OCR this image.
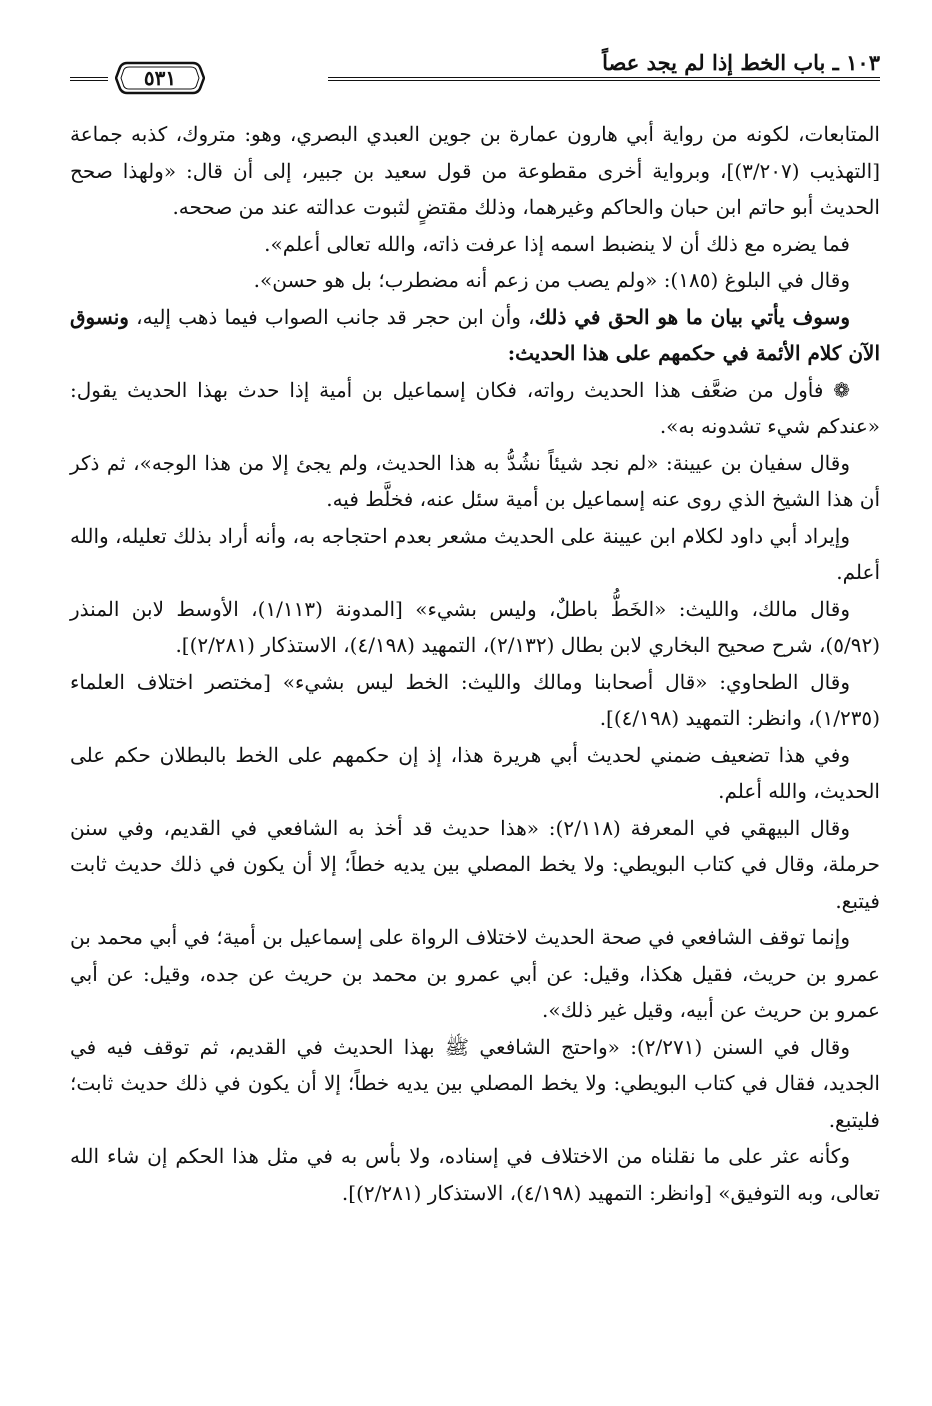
١٠٣ ـ باب الخط إذا لم يجد عصاً
٥٣١

المتابعات، لكونه من رواية أبي هارون عمارة بن جوين العبدي البصري، وهو: متروك، كذبه جماعة [التهذيب (٣/٢٠٧)]، وبرواية أخرى مقطوعة من قول سعيد بن جبير، إلى أن قال: «ولهذا صحح الحديث أبو حاتم ابن حبان والحاكم وغيرهما، وذلك مقتضٍ لثبوت عدالته عند من صححه.

فما يضره مع ذلك أن لا ينضبط اسمه إذا عرفت ذاته، والله تعالى أعلم».

وقال في البلوغ (١٨٥): «ولم يصب من زعم أنه مضطرب؛ بل هو حسن».

وسوف يأتي بيان ما هو الحق في ذلك، وأن ابن حجر قد جانب الصواب فيما ذهب إليه، ونسوق الآن كلام الأئمة في حكمهم على هذا الحديث:

❁ فأول من ضعَّف هذا الحديث رواته، فكان إسماعيل بن أمية إذا حدث بهذا الحديث يقول: «عندكم شيء تشدونه به».

وقال سفيان بن عيينة: «لم نجد شيئاً نشُدُّ به هذا الحديث، ولم يجئ إلا من هذا الوجه»، ثم ذكر أن هذا الشيخ الذي روى عنه إسماعيل بن أمية سئل عنه، فخلَّط فيه.

وإيراد أبي داود لكلام ابن عيينة على الحديث مشعر بعدم احتجاجه به، وأنه أراد بذلك تعليله، والله أعلم.

وقال مالك، والليث: «الخَطُّ باطلٌ، وليس بشيء» [المدونة (١/١١٣)، الأوسط لابن المنذر (٥/٩٢)، شرح صحيح البخاري لابن بطال (٢/١٣٢)، التمهيد (٤/١٩٨)، الاستذكار (٢/٢٨١)].

وقال الطحاوي: «قال أصحابنا ومالك والليث: الخط ليس بشيء» [مختصر اختلاف العلماء (١/٢٣٥)، وانظر: التمهيد (٤/١٩٨)].

وفي هذا تضعيف ضمني لحديث أبي هريرة هذا، إذ إن حكمهم على الخط بالبطلان حكم على الحديث، والله أعلم.

وقال البيهقي في المعرفة (٢/١١٨): «هذا حديث قد أخذ به الشافعي في القديم، وفي سنن حرملة، وقال في كتاب البويطي: ولا يخط المصلي بين يديه خطاً؛ إلا أن يكون في ذلك حديث ثابت فيتبع.

وإنما توقف الشافعي في صحة الحديث لاختلاف الرواة على إسماعيل بن أمية؛ في أبي محمد بن عمرو بن حريث، فقيل هكذا، وقيل: عن أبي عمرو بن محمد بن حريث عن جده، وقيل: عن أبي عمرو بن حريث عن أبيه، وقيل غير ذلك».

وقال في السنن (٢/٢٧١): «واحتج الشافعي ﷺ بهذا الحديث في القديم، ثم توقف فيه في الجديد، فقال في كتاب البويطي: ولا يخط المصلي بين يديه خطاً؛ إلا أن يكون في ذلك حديث ثابت؛ فليتبع.

وكأنه عثر على ما نقلناه من الاختلاف في إسناده، ولا بأس به في مثل هذا الحكم إن شاء الله تعالى، وبه التوفيق» [وانظر: التمهيد (٤/١٩٨)، الاستذكار (٢/٢٨١)].
